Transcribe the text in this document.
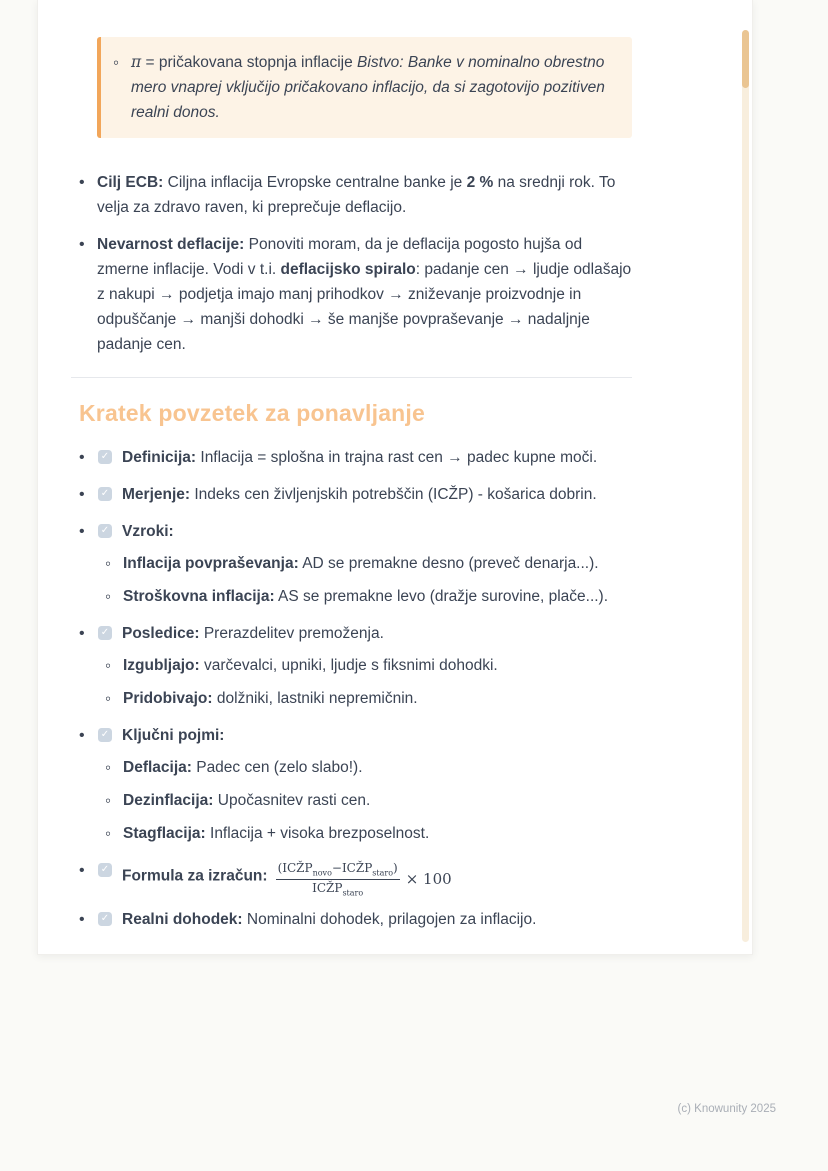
◦ π = pričakovana stopnja inflacije Bistvo: Banke v nominalno obrestno mero vnaprej vključijo pričakovano inflacijo, da si zagotovijo pozitiven realni donos.
• Cilj ECB: Ciljna inflacija Evropske centralne banke je 2 % na srednji rok. To velja za zdravo raven, ki preprečuje deflacijo.
• Nevarnost deflacije: Ponoviti moram, da je deflacija pogosto hujša od zmerne inflacije. Vodi v t.i. deflacijsko spiralo: padanje cen → ljudje odlašajo z nakupi → podjetja imajo manj prihodkov → zniževanje proizvodnje in odpuščanje → manjši dohodki → še manjše povpraševanje → nadaljnje padanje cen.
Kratek povzetek za ponavljanje
•	✓ Definicija: Inflacija = splošna in trajna rast cen → padec kupne moči.
•	✓ Merjenje: Indeks cen življenjskih potrebščin (ICŽP) - košarica dobrin.
•	✓ Vzroki:
◦ Inflacija povpraševanja: AD se premakne desno (preveč denarja...).
◦ Stroškovna inflacija: AS se premakne levo (dražje surovine, plače...).
•	✓ Posledice: Prerazdelitev premoženja.
◦ Izgubljajo: varčevalci, upniki, ljudje s fiksnimi dohodki.
◦ Pridobivajo: dolžniki, lastniki nepremičnin.
•	✓ Ključni pojmi:
◦ Deflacija: Padec cen (zelo slabo!).
◦ Dezinflacija: Upočasnitev rasti cen.
◦ Stagflacija: Inflacija + visoka brezposelnost.
•	✓ Formula za izračun: $\frac{(ICŽP_{novo}-ICŽP_{staro})}{ICŽP_{staro}} \times 100$
•	✓ Realni dohodek: Nominalni dohodek, prilagojen za inflacijo.
(c) Knowunity 2025
